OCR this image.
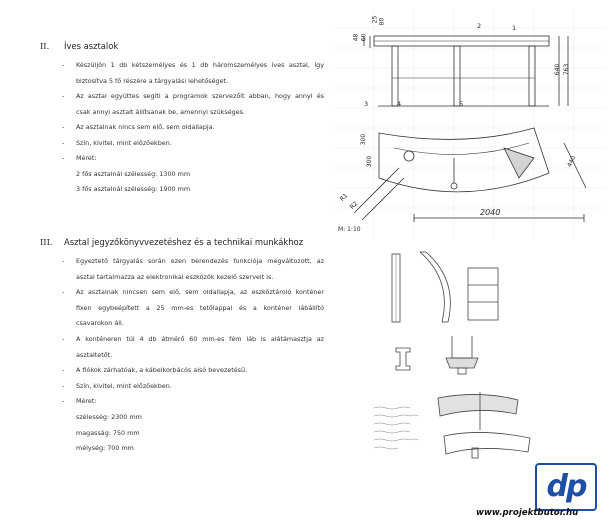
II. Íves asztalok
- Készüljön 1 db kétszemélyes és 1 db háromszemélyes íves asztal, így
biztosítva 5 fő részére a tárgyalási lehetőséget.
- Az asztal együttes segíti a programok szervezőit abban, hogy annyi és
csak annyi asztalt állítsanak be, amennyi szükséges.
- Az asztalnak nincs sem elő, sem oldallapja.
- Szín, kivitel, mint előzőekben.
- Méret:
2 fős asztalnál szélesség: 1300 mm
3 fős asztalnál szélesség: 1900 mm
III. Asztal jegyzőkönyvvezetéshez és a technikai munkákhoz
- Egyeztető tárgyalás során ezen berendezés funkciója megváltozott, az
asztal tartalmazza az elektronikai eszközök kezelő szerveit is.
- Az asztalnak nincsen sem elő, sem oldallapja, az eszköztároló konténer
fixen egybeépített a 25 mm-es tetőlappal és a konténer lábállító
csavarokon áll.
- A konténeren túl 4 db átmérő 60 mm-es fém láb is alátámasztja az
asztaltetőt.
- A fiókok zárhatóak, a kábelkorbácós alsó bevezetésű.
- Szín, kivitel, mint előzőekben.
- Méret:
szélesség: 2300 mm
magasság: 750 mm
mélység: 700 mm
25
48 60
80
640 763
3	4	5
2	1
300
300	440
R1
R2
2040
M: 1:10
dp
www.projektbutor.hu
